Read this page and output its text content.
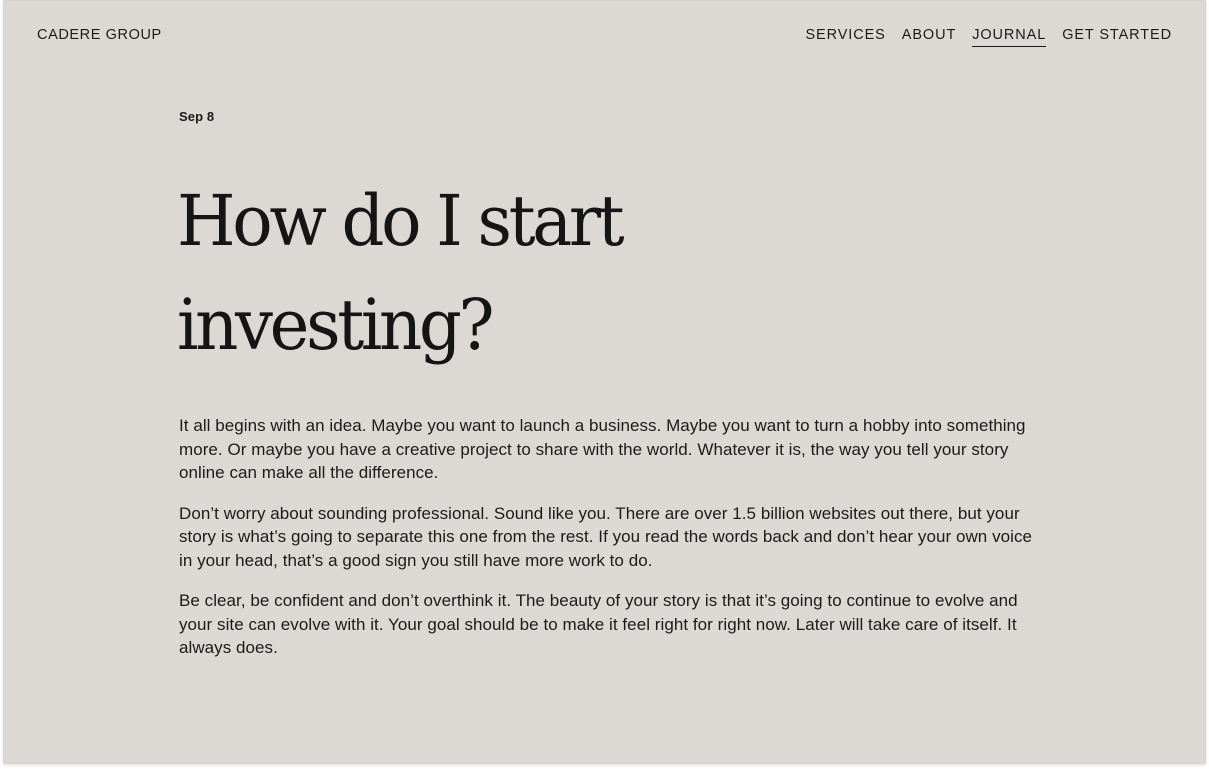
CADERE GROUP	SERVICES ABOUT JOURNAL GET STARTED
Sep 8
How do I start investing?

It all begins with an idea. Maybe you want to launch a business. Maybe you want to turn a hobby into something more. Or maybe you have a creative project to share with the world. Whatever it is, the way you tell your story online can make all the difference.

Don’t worry about sounding professional. Sound like you. There are over 1.5 billion websites out there, but your story is what’s going to separate this one from the rest. If you read the words back and don’t hear your own voice in your head, that’s a good sign you still have more work to do.

Be clear, be confident and don’t overthink it. The beauty of your story is that it’s going to continue to evolve and your site can evolve with it. Your goal should be to make it feel right for right now. Later will take care of itself. It always does.
